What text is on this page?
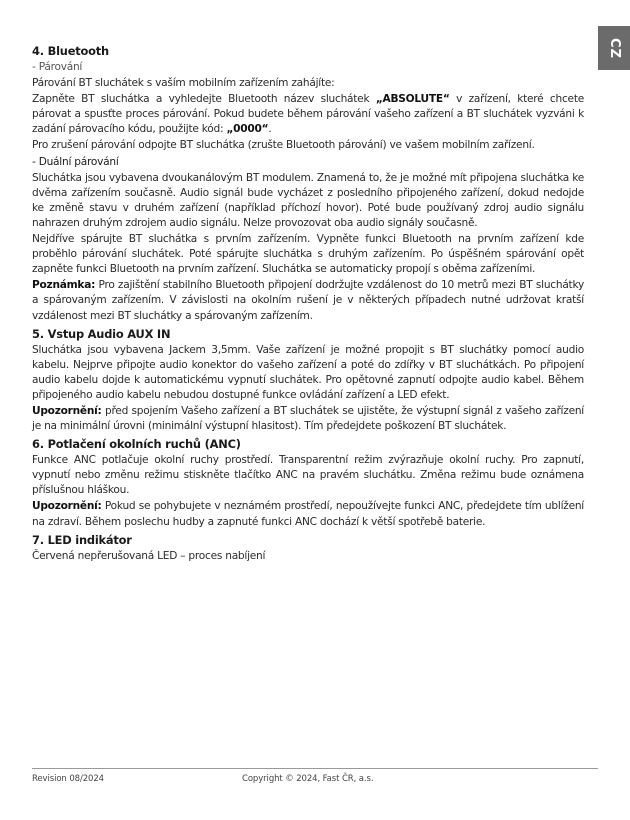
CZ
4. Bluetooth

- Párování

Párování BT sluchátek s vaším mobilním zařízením zahájíte:

Zapněte BT sluchátka a vyhledejte Bluetooth název sluchátek „ABSOLUTE“ v zařízení, které chcete párovat a spusťte proces párování. Pokud budete během párování vašeho zařízení a BT sluchátek vyzváni k zadání párovacího kódu, použijte kód: „0000“.

Pro zrušení párování odpojte BT sluchátka (zrušte Bluetooth párování) ve vašem mobilním zařízení.

- Duální párování

Sluchátka jsou vybavena dvoukanálovým BT modulem. Znamená to, že je možné mít připojena sluchátka ke dvěma zařízením současně. Audio signál bude vycházet z posledního připojeného zařízení, dokud nedojde ke změně stavu v druhém zařízení (například příchozí hovor). Poté bude používaný zdroj audio signálu nahrazen druhým zdrojem audio signálu. Nelze provozovat oba audio signály současně.

Nejdříve spárujte BT sluchátka s prvním zařízením. Vypněte funkci Bluetooth na prvním zařízení kde proběhlo párování sluchátek. Poté spárujte sluchátka s druhým zařízením. Po úspěšném spárování opět zapněte funkci Bluetooth na prvním zařízení. Sluchátka se automaticky propojí s oběma zařízeními.

Poznámka: Pro zajištění stabilního Bluetooth připojení dodržujte vzdálenost do 10 metrů mezi BT sluchátky a spárovaným zařízením. V závislosti na okolním rušení je v některých případech nutné udržovat kratší vzdálenost mezi BT sluchátky a spárovaným zařízením.

5. Vstup Audio AUX IN

Sluchátka jsou vybavena Jackem 3,5mm. Vaše zařízení je možné propojit s BT sluchátky pomocí audio kabelu. Nejprve připojte audio konektor do vašeho zařízení a poté do zdířky v BT sluchátkách. Po připojení audio kabelu dojde k automatickému vypnutí sluchátek. Pro opětovné zapnutí odpojte audio kabel. Během připojeného audio kabelu nebudou dostupné funkce ovládání zařízení a LED efekt.

Upozornění: před spojením Vašeho zařízení a BT sluchátek se ujistěte, že výstupní signál z vašeho zařízení je na minimální úrovni (minimální výstupní hlasitost). Tím předejdete poškození BT sluchátek.

6. Potlačení okolních ruchů (ANC)

Funkce ANC potlačuje okolní ruchy prostředí. Transparentní režim zvýrazňuje okolní ruchy. Pro zapnutí, vypnutí nebo změnu režimu stiskněte tlačítko ANC na pravém sluchátku. Změna režimu bude oznámena příslušnou hláškou.

Upozornění: Pokud se pohybujete v neznámém prostředí, nepoužívejte funkci ANC, předejdete tím ublížení na zdraví. Během poslechu hudby a zapnuté funkci ANC dochází k větší spotřebě baterie.

7. LED indikátor

Červená nepřerušovaná LED – proces nabíjení

Revision 08/2024	Copyright © 2024, Fast ČR, a.s.
